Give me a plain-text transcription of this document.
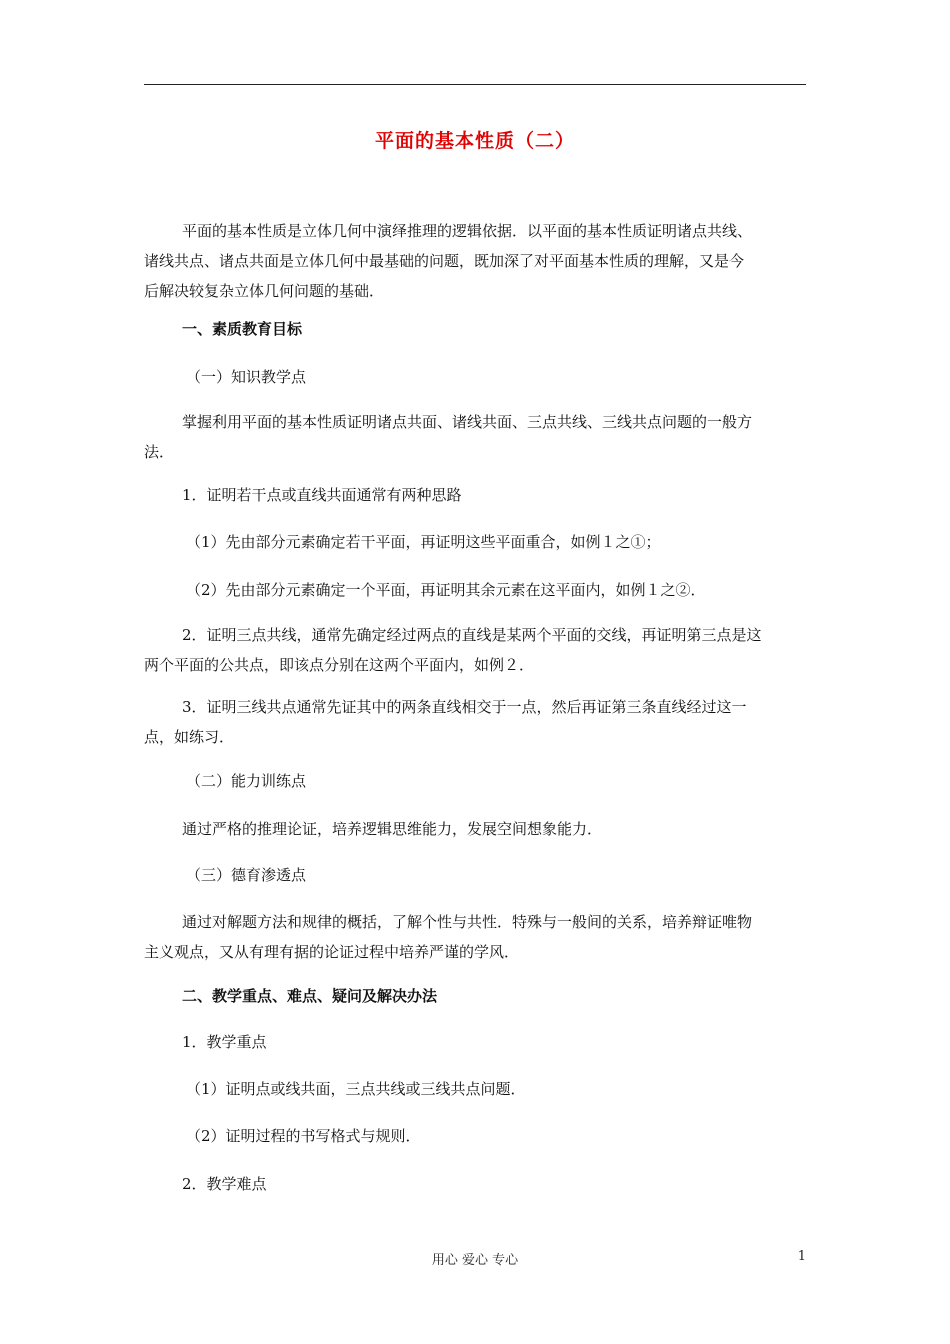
平面的基本性质（二）
平面的基本性质是立体几何中演绎推理的逻辑依据．以平面的基本性质证明诸点共线、
诸线共点、诸点共面是立体几何中最基础的问题，既加深了对平面基本性质的理解，又是今
后解决较复杂立体几何问题的基础．
一、素质教育目标
（一）知识教学点
掌握利用平面的基本性质证明诸点共面、诸线共面、三点共线、三线共点问题的一般方
法．
1．证明若干点或直线共面通常有两种思路
（1）先由部分元素确定若干平面，再证明这些平面重合，如例１之①；
（2）先由部分元素确定一个平面，再证明其余元素在这平面内，如例１之②．
2．证明三点共线，通常先确定经过两点的直线是某两个平面的交线，再证明第三点是这
两个平面的公共点，即该点分别在这两个平面内，如例２．
3．证明三线共点通常先证其中的两条直线相交于一点，然后再证第三条直线经过这一
点，如练习．
（二）能力训练点
通过严格的推理论证，培养逻辑思维能力，发展空间想象能力．
（三）德育渗透点
通过对解题方法和规律的概括，了解个性与共性．特殊与一般间的关系，培养辩证唯物
主义观点，又从有理有据的论证过程中培养严谨的学风．
二、教学重点、难点、疑问及解决办法
1．教学重点
（1）证明点或线共面，三点共线或三线共点问题．
（2）证明过程的书写格式与规则．
2．教学难点
用心 爱心 专心	1
